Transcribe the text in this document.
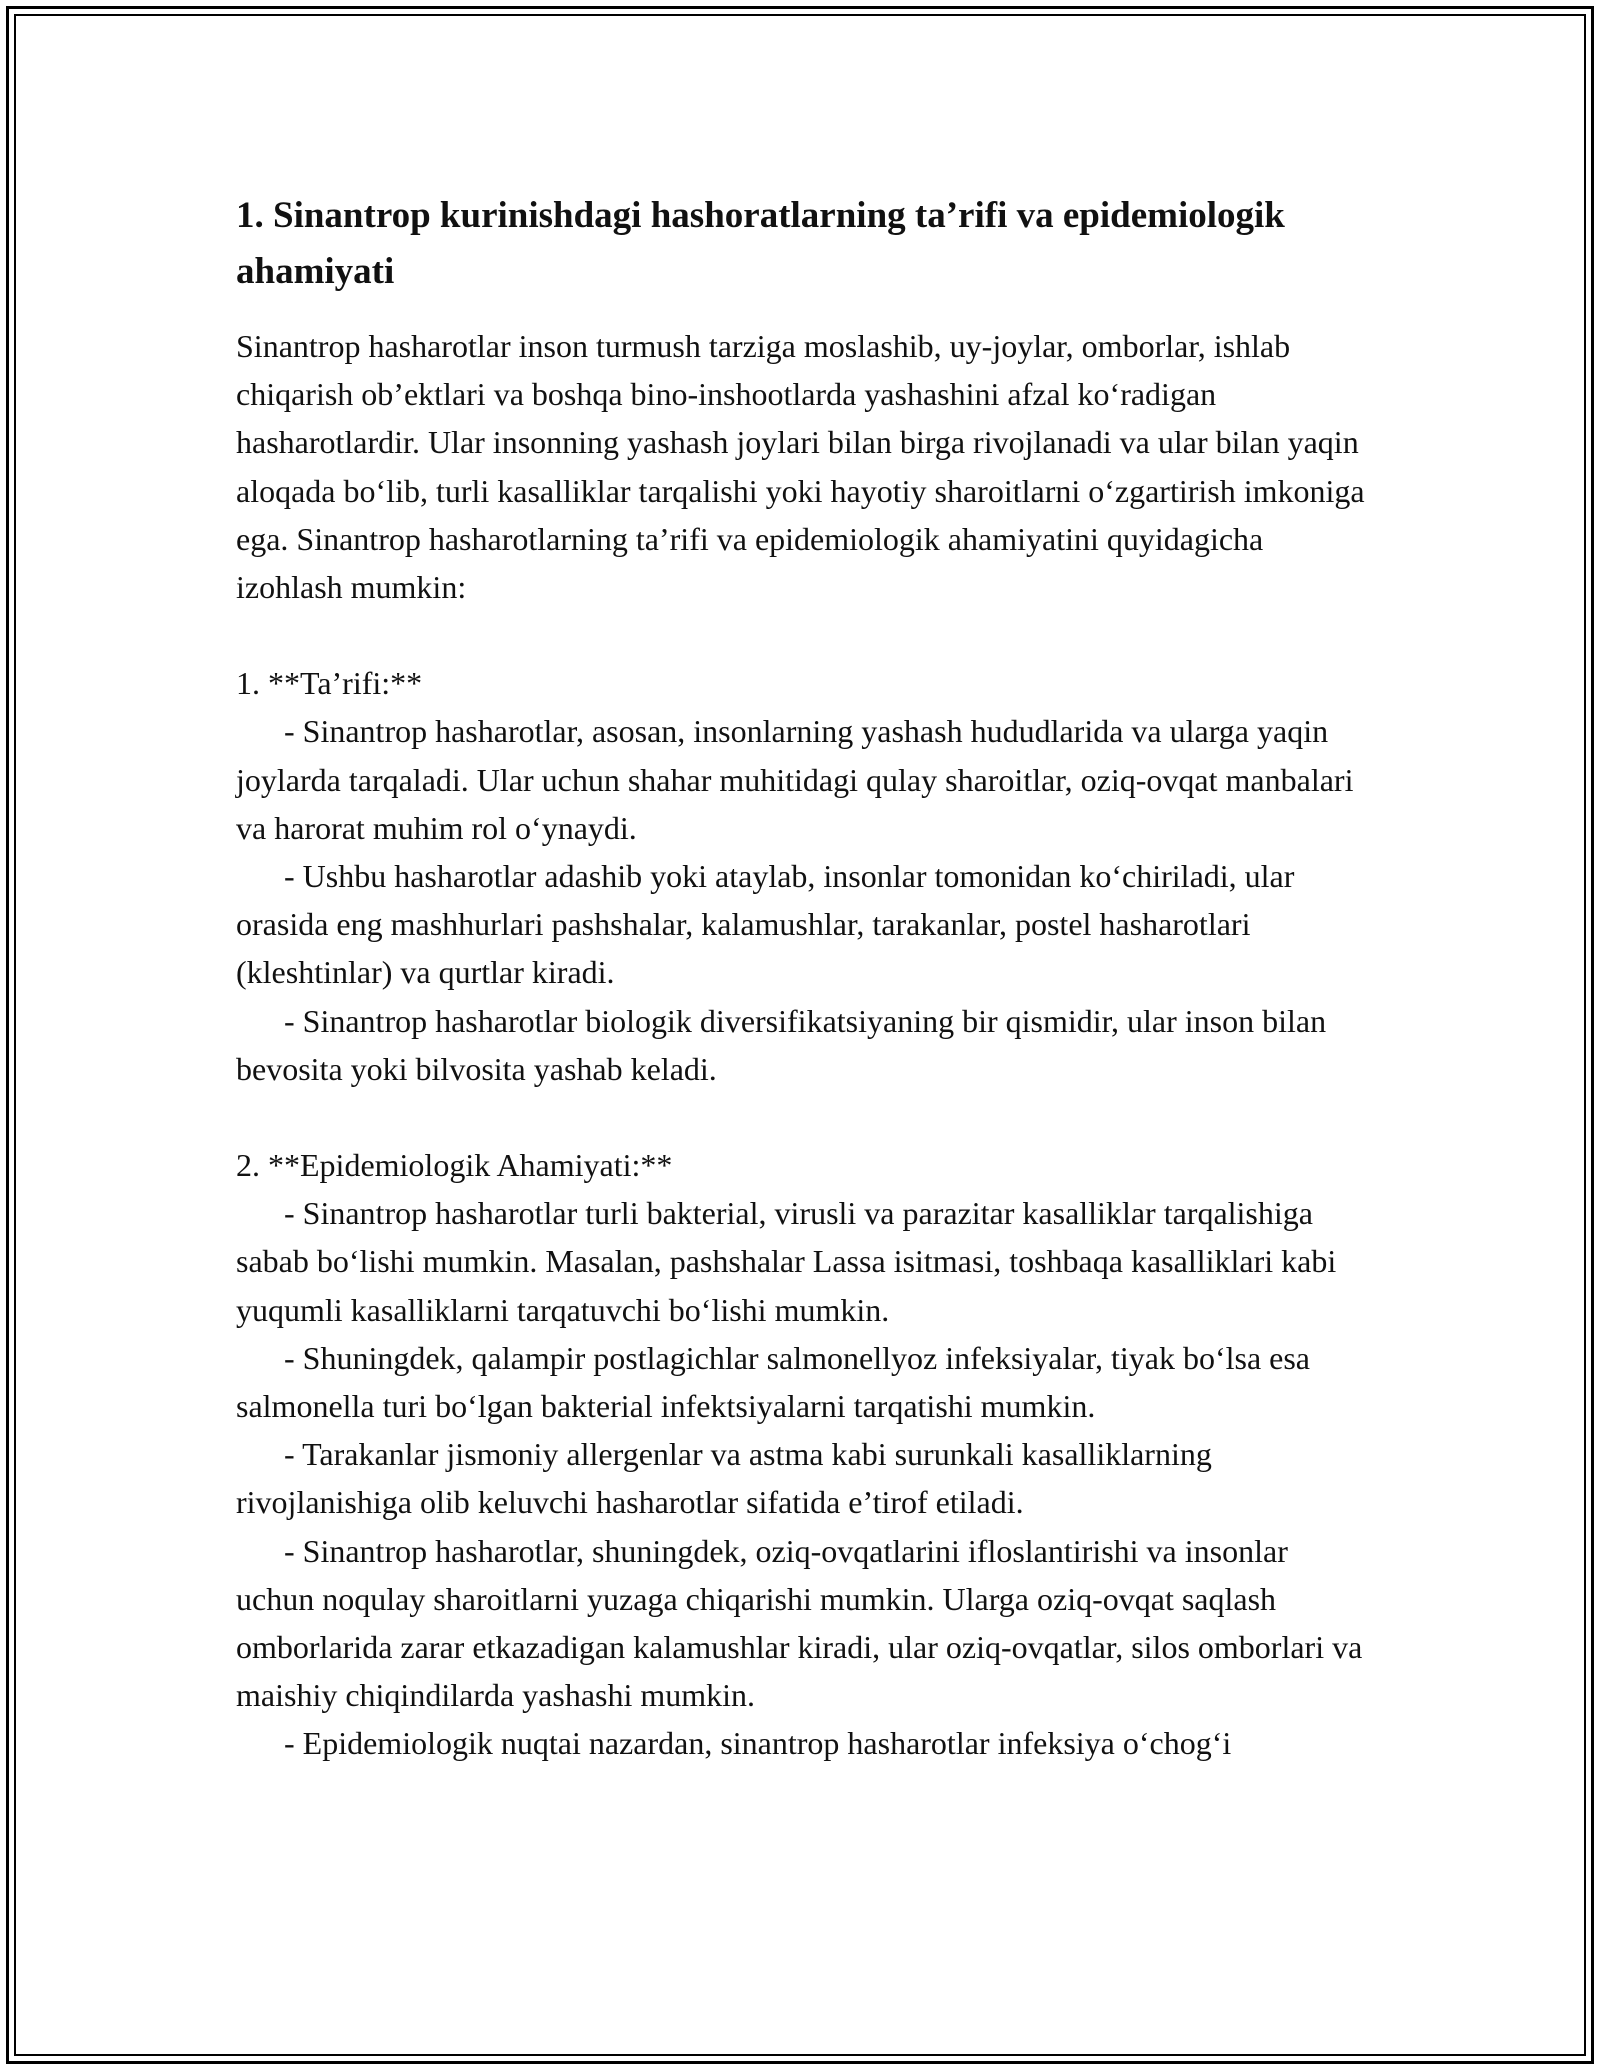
1. Sinantrop kurinishdagi hashoratlarning ta’rifi va epidemiologik ahamiyati

Sinantrop hasharotlar inson turmush tarziga moslashib, uy-joylar, omborlar, ishlab chiqarish ob’ektlari va boshqa bino-inshootlarda yashashini afzal ko‘radigan hasharotlardir. Ular insonning yashash joylari bilan birga rivojlanadi va ular bilan yaqin aloqada bo‘lib, turli kasalliklar tarqalishi yoki hayotiy sharoitlarni o‘zgartirish imkoniga ega. Sinantrop hasharotlarning ta’rifi va epidemiologik ahamiyatini quyidagicha izohlash mumkin:

1. **Ta’rifi:**

- Sinantrop hasharotlar, asosan, insonlarning yashash hududlarida va ularga yaqin joylarda tarqaladi. Ular uchun shahar muhitidagi qulay sharoitlar, oziq-ovqat manbalari va harorat muhim rol o‘ynaydi.

- Ushbu hasharotlar adashib yoki ataylab, insonlar tomonidan ko‘chiriladi, ular orasida eng mashhurlari pashshalar, kalamushlar, tarakanlar, postel hasharotlari (kleshtinlar) va qurtlar kiradi.

- Sinantrop hasharotlar biologik diversifikatsiyaning bir qismidir, ular inson bilan bevosita yoki bilvosita yashab keladi.

2. **Epidemiologik Ahamiyati:**

- Sinantrop hasharotlar turli bakterial, virusli va parazitar kasalliklar tarqalishiga sabab bo‘lishi mumkin. Masalan, pashshalar Lassa isitmasi, toshbaqa kasalliklari kabi yuqumli kasalliklarni tarqatuvchi bo‘lishi mumkin.

- Shuningdek, qalampir postlagichlar salmonellyoz infeksiyalar, tiyak bo‘lsa esa salmonella turi bo‘lgan bakterial infektsiyalarni tarqatishi mumkin.

- Tarakanlar jismoniy allergenlar va astma kabi surunkali kasalliklarning rivojlanishiga olib keluvchi hasharotlar sifatida e’tirof etiladi.

- Sinantrop hasharotlar, shuningdek, oziq-ovqatlarini ifloslantirishi va insonlar uchun noqulay sharoitlarni yuzaga chiqarishi mumkin. Ularga oziq-ovqat saqlash omborlarida zarar etkazadigan kalamushlar kiradi, ular oziq-ovqatlar, silos omborlari va maishiy chiqindilarda yashashi mumkin.

- Epidemiologik nuqtai nazardan, sinantrop hasharotlar infeksiya o‘chog‘i
